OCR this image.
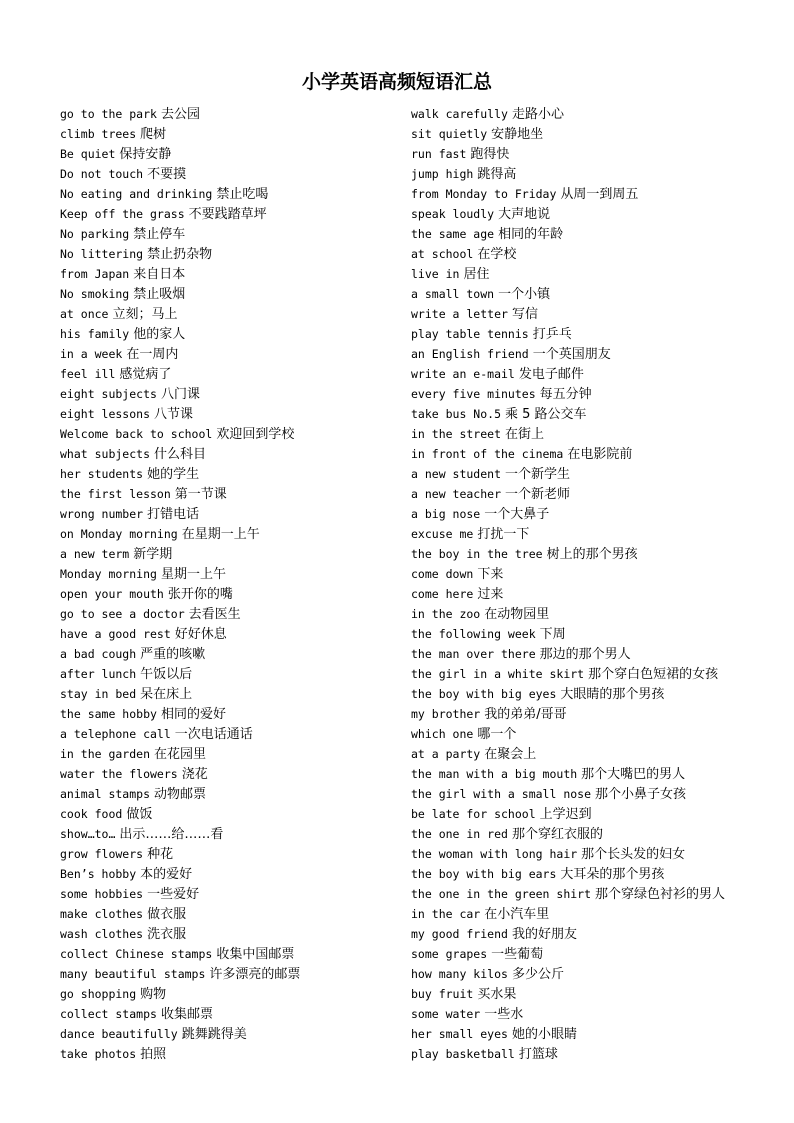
小学英语高频短语汇总
go to the park 去公园
climb trees 爬树
Be quiet 保持安静
Do not touch 不要摸
No eating and drinking 禁止吃喝
Keep off the grass 不要践踏草坪
No parking 禁止停车
No littering 禁止扔杂物
from Japan 来自日本
No smoking 禁止吸烟
at once 立刻；马上
his family 他的家人
in a week 在一周内
feel ill 感觉病了
eight subjects 八门课
eight lessons 八节课
Welcome back to school 欢迎回到学校
what subjects 什么科目
her students 她的学生
the first lesson 第一节课
wrong number 打错电话
on Monday morning 在星期一上午
a new term 新学期
Monday morning 星期一上午
open your mouth 张开你的嘴
go to see a doctor 去看医生
have a good rest 好好休息
a bad cough 严重的咳嗽
after lunch 午饭以后
stay in bed 呆在床上
the same hobby 相同的爱好
a telephone call 一次电话通话
in the garden 在花园里
water the flowers 浇花
animal stamps 动物邮票
cook food 做饭
show…to… 出示……给……看
grow flowers 种花
Ben’s hobby 本的爱好
some hobbies 一些爱好
make clothes 做衣服
wash clothes 洗衣服
collect Chinese stamps 收集中国邮票
many beautiful stamps 许多漂亮的邮票
go shopping 购物
collect stamps 收集邮票
dance beautifully 跳舞跳得美
take photos 拍照
walk carefully 走路小心
sit quietly 安静地坐
run fast 跑得快
jump high 跳得高
from Monday to Friday 从周一到周五
speak loudly 大声地说
the same age 相同的年龄
at school 在学校
live in 居住
a small town 一个小镇
write a letter 写信
play table tennis 打乒乓
an English friend 一个英国朋友
write an e-mail 发电子邮件
every five minutes 每五分钟
take bus No.5 乘 5 路公交车
in the street 在街上
in front of the cinema 在电影院前
a new student 一个新学生
a new teacher 一个新老师
a big nose 一个大鼻子
excuse me 打扰一下
the boy in the tree 树上的那个男孩
come down 下来
come here 过来
in the zoo 在动物园里
the following week 下周
the man over there 那边的那个男人
the girl in a white skirt 那个穿白色短裙的女孩
the boy with big eyes 大眼睛的那个男孩
my brother 我的弟弟/哥哥
which one 哪一个
at a party 在聚会上
the man with a big mouth 那个大嘴巴的男人
the girl with a small nose 那个小鼻子女孩
be late for school 上学迟到
the one in red 那个穿红衣服的
the woman with long hair 那个长头发的妇女
the boy with big ears 大耳朵的那个男孩
the one in the green shirt 那个穿绿色衬衫的男人
in the car 在小汽车里
my good friend 我的好朋友
some grapes 一些葡萄
how many kilos 多少公斤
buy fruit 买水果
some water 一些水
her small eyes 她的小眼睛
play basketball 打篮球
